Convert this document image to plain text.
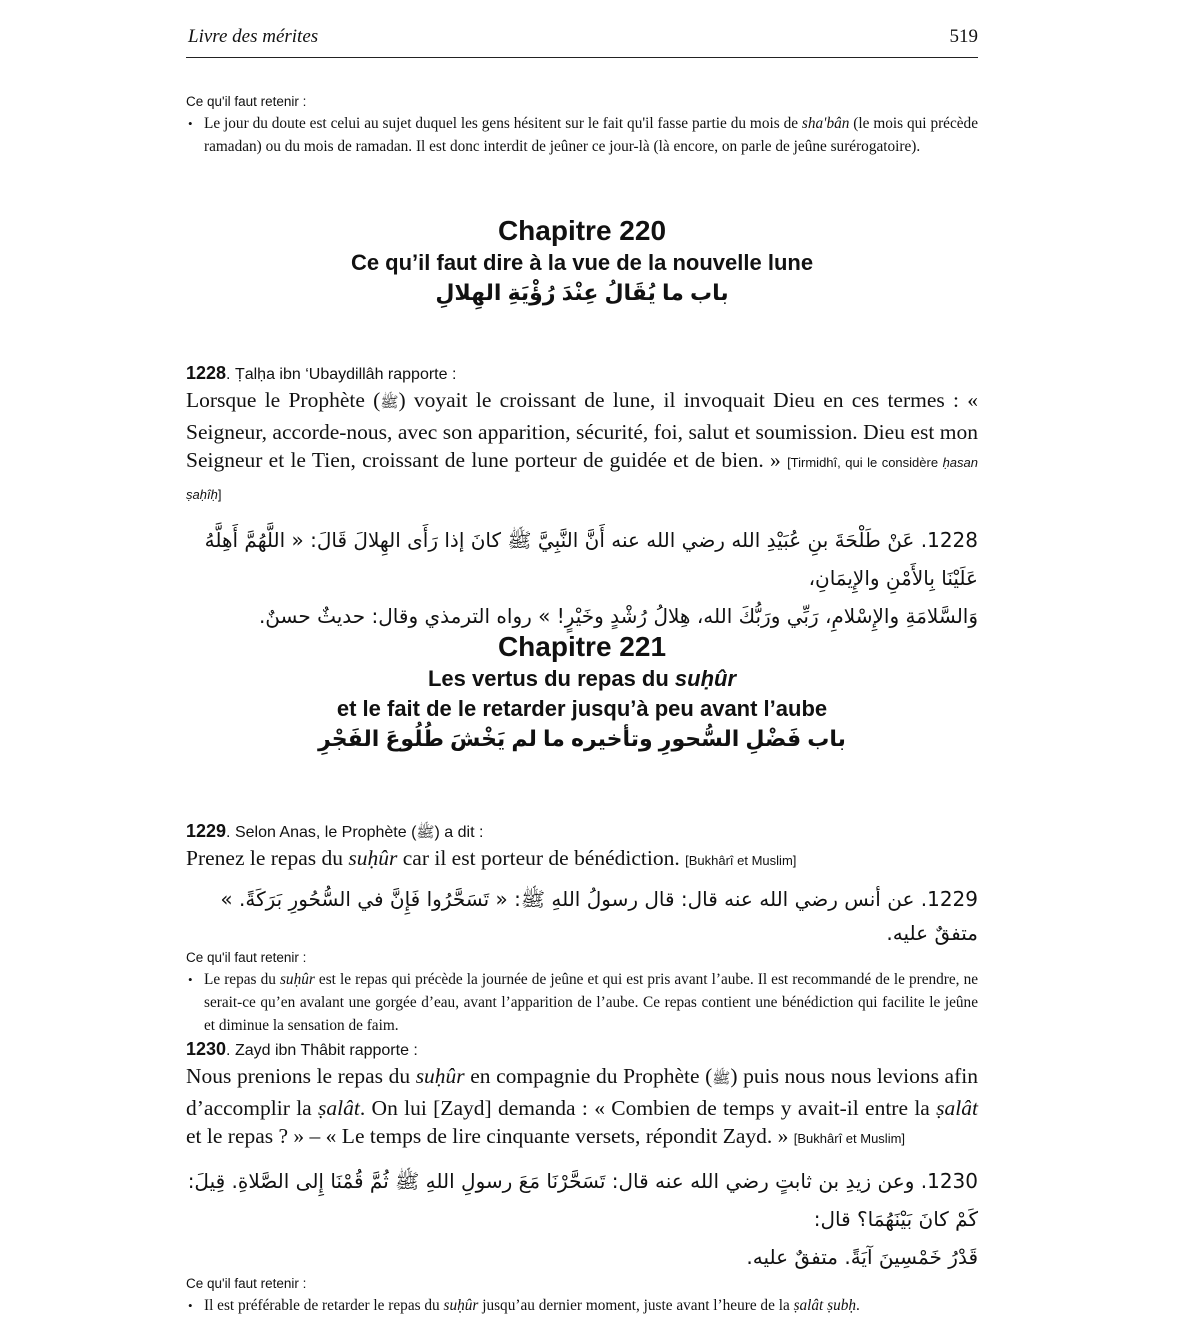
Livre des mérites	519
Ce qu'il faut retenir :
• Le jour du doute est celui au sujet duquel les gens hésitent sur le fait qu'il fasse partie du mois de sha'bân (le mois qui précède ramadan) ou du mois de ramadan. Il est donc interdit de jeûner ce jour-là (là encore, on parle de jeûne surérogatoire).
Chapitre 220
Ce qu’il faut dire à la vue de la nouvelle lune
باب ما يُقَالُ عِنْدَ رُؤْيَةِ الهِلالِ
1228. Ṭalḥa ibn ‘Ubaydillâh rapporte :
Lorsque le Prophète (ﷺ) voyait le croissant de lune, il invoquait Dieu en ces termes : « Seigneur, accorde-nous, avec son apparition, sécurité, foi, salut et soumission. Dieu est mon Seigneur et le Tien, croissant de lune porteur de guidée et de bien. » [Tirmidhî, qui le considère ḥasan ṣaḥîḥ]
1228. عَنْ طَلْحَةَ بنِ عُبَيْدِ الله رضي الله عنه أَنَّ النَّبِيَّ ﷺ كانَ إذا رَأَى الهِلالَ قَالَ: « اللَّهُمَّ أَهِلَّهُ عَلَيْنَا بِالأَمْنِ والإِيمَانِ،
وَالسَّلامَةِ والإِسْلامِ، رَبِّي ورَبُّكَ الله، هِلالُ رُشْدٍ وخَيْرٍ! » رواه الترمذي وقال: حديثٌ حسنٌ.
Chapitre 221
Les vertus du repas du suḥûr
et le fait de le retarder jusqu’à peu avant l’aube
باب فَضْلِ السُّحورِ وتأخيره ما لم يَخْشَ طُلُوعَ الفَجْرِ
1229. Selon Anas, le Prophète (ﷺ) a dit :
Prenez le repas du suḥûr car il est porteur de bénédiction. [Bukhârî et Muslim]
1229. عن أنس رضي الله عنه قال: قال رسولُ اللهِ ﷺ: « تَسَحَّرُوا فَإِنَّ في السُّحُورِ بَرَكَةً. » متفقٌ عليه.
Ce qu'il faut retenir :
• Le repas du suḥûr est le repas qui précède la journée de jeûne et qui est pris avant l’aube. Il est recommandé de le prendre, ne serait-ce qu’en avalant une gorgée d’eau, avant l’apparition de l’aube. Ce repas contient une bénédiction qui facilite le jeûne et diminue la sensation de faim.
1230. Zayd ibn Thâbit rapporte :
Nous prenions le repas du suḥûr en compagnie du Prophète (ﷺ) puis nous nous levions afin d’accomplir la ṣalât. On lui [Zayd] demanda : « Combien de temps y avait-il entre la ṣalât et le repas ? » – « Le temps de lire cinquante versets, répondit Zayd. » [Bukhârî et Muslim]
1230. وعن زيدِ بن ثابتٍ رضي الله عنه قال: تَسَحَّرْنَا مَعَ رسولِ اللهِ ﷺ ثُمَّ قُمْنَا إِلى الصَّلاةِ. قِيلَ: كَمْ كانَ بَيْنَهُمَا؟ قال:
قَدْرُ خَمْسِينَ آيَةً. متفقٌ عليه.
Ce qu'il faut retenir :
• Il est préférable de retarder le repas du suḥûr jusqu’au dernier moment, juste avant l’heure de la ṣalât ṣubḥ.
